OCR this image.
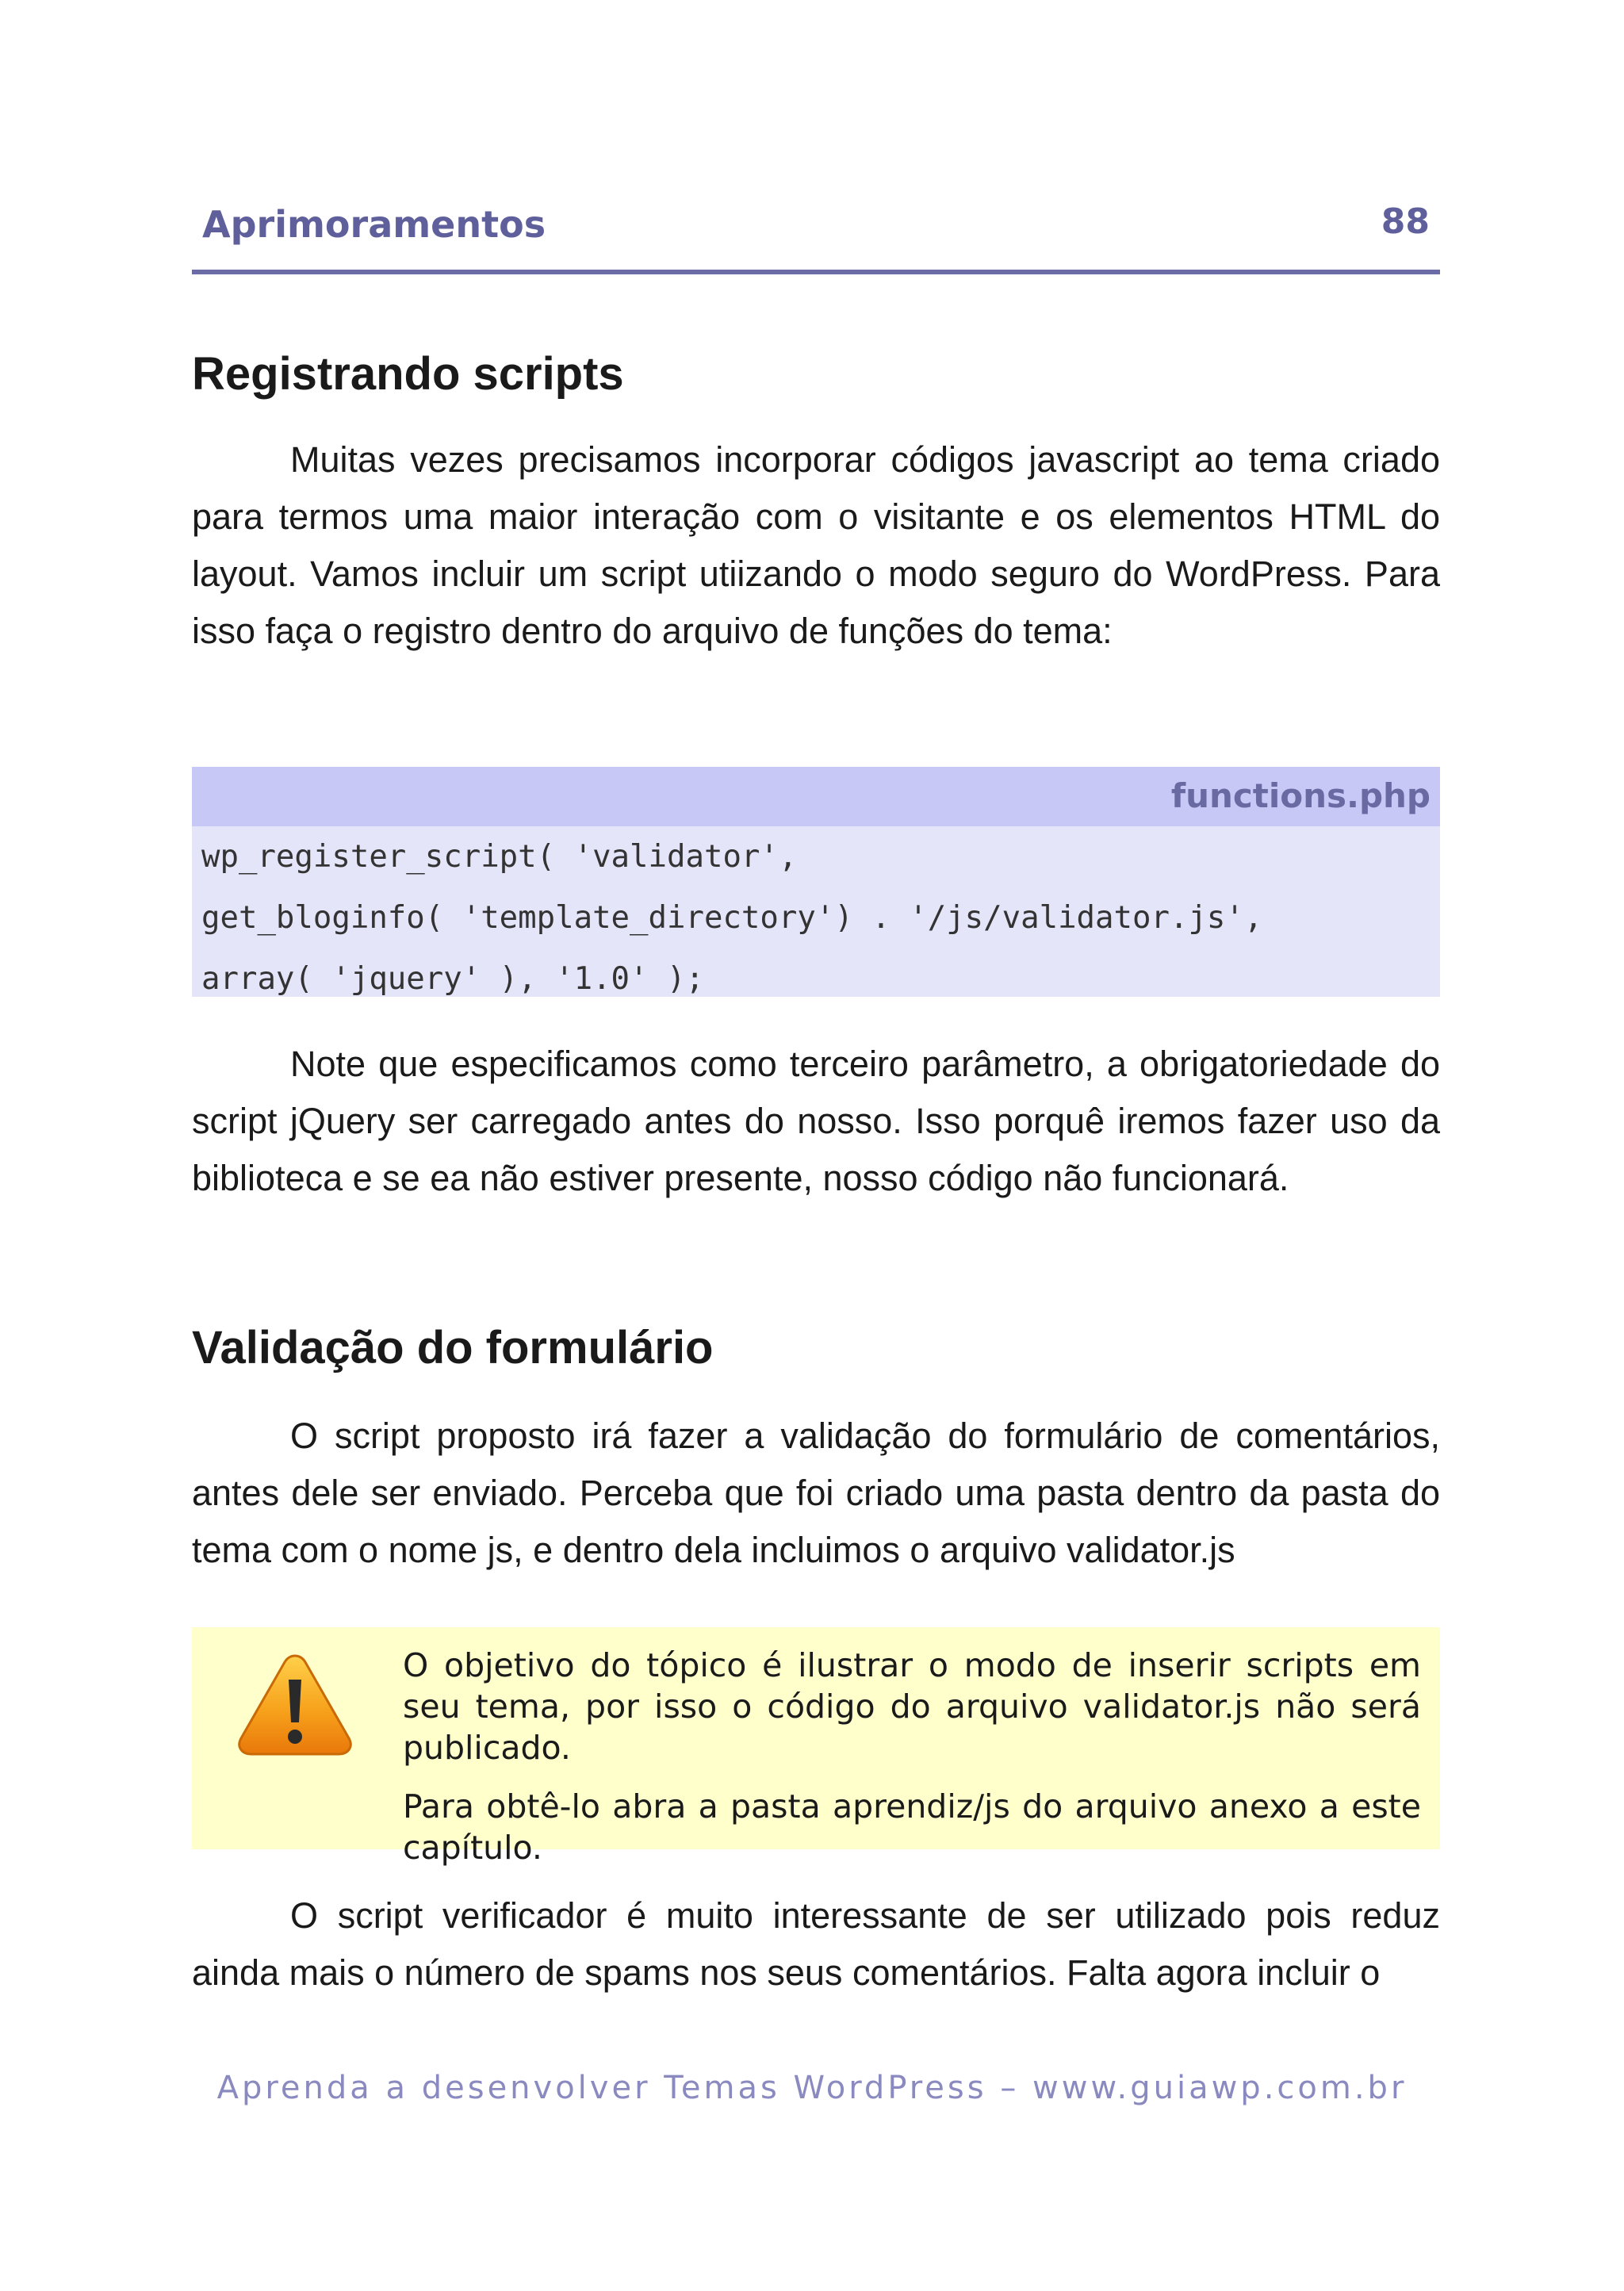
Aprimoramentos	88
Registrando scripts

Muitas vezes precisamos incorporar códigos javascript ao tema criado para termos uma maior interação com o visitante e os elementos HTML do layout. Vamos incluir um script utiizando o modo seguro do WordPress. Para isso faça o registro dentro do arquivo de funções do tema:

functions.php
wp_register_script( 'validator',
get_bloginfo( 'template_directory') . '/js/validator.js',
array( 'jquery' ), '1.0' );

Note que especificamos como terceiro parâmetro, a obrigatoriedade do script jQuery ser carregado antes do nosso. Isso porquê iremos fazer uso da biblioteca e se ea não estiver presente, nosso código não funcionará.

Validação do formulário

O script proposto irá fazer a validação do formulário de comentários, antes dele ser enviado. Perceba que foi criado uma pasta dentro da pasta do tema com o nome js, e dentro dela incluimos o arquivo validator.js

O objetivo do tópico é ilustrar o modo de inserir scripts em seu tema, por isso o código do arquivo validator.js não será publicado.

Para obtê-lo abra a pasta aprendiz/js do arquivo anexo a este capítulo.

O script verificador é muito interessante de ser utilizado pois reduz ainda mais o número de spams nos seus comentários. Falta agora incluir o

Aprenda a desenvolver Temas WordPress – www.guiawp.com.br
